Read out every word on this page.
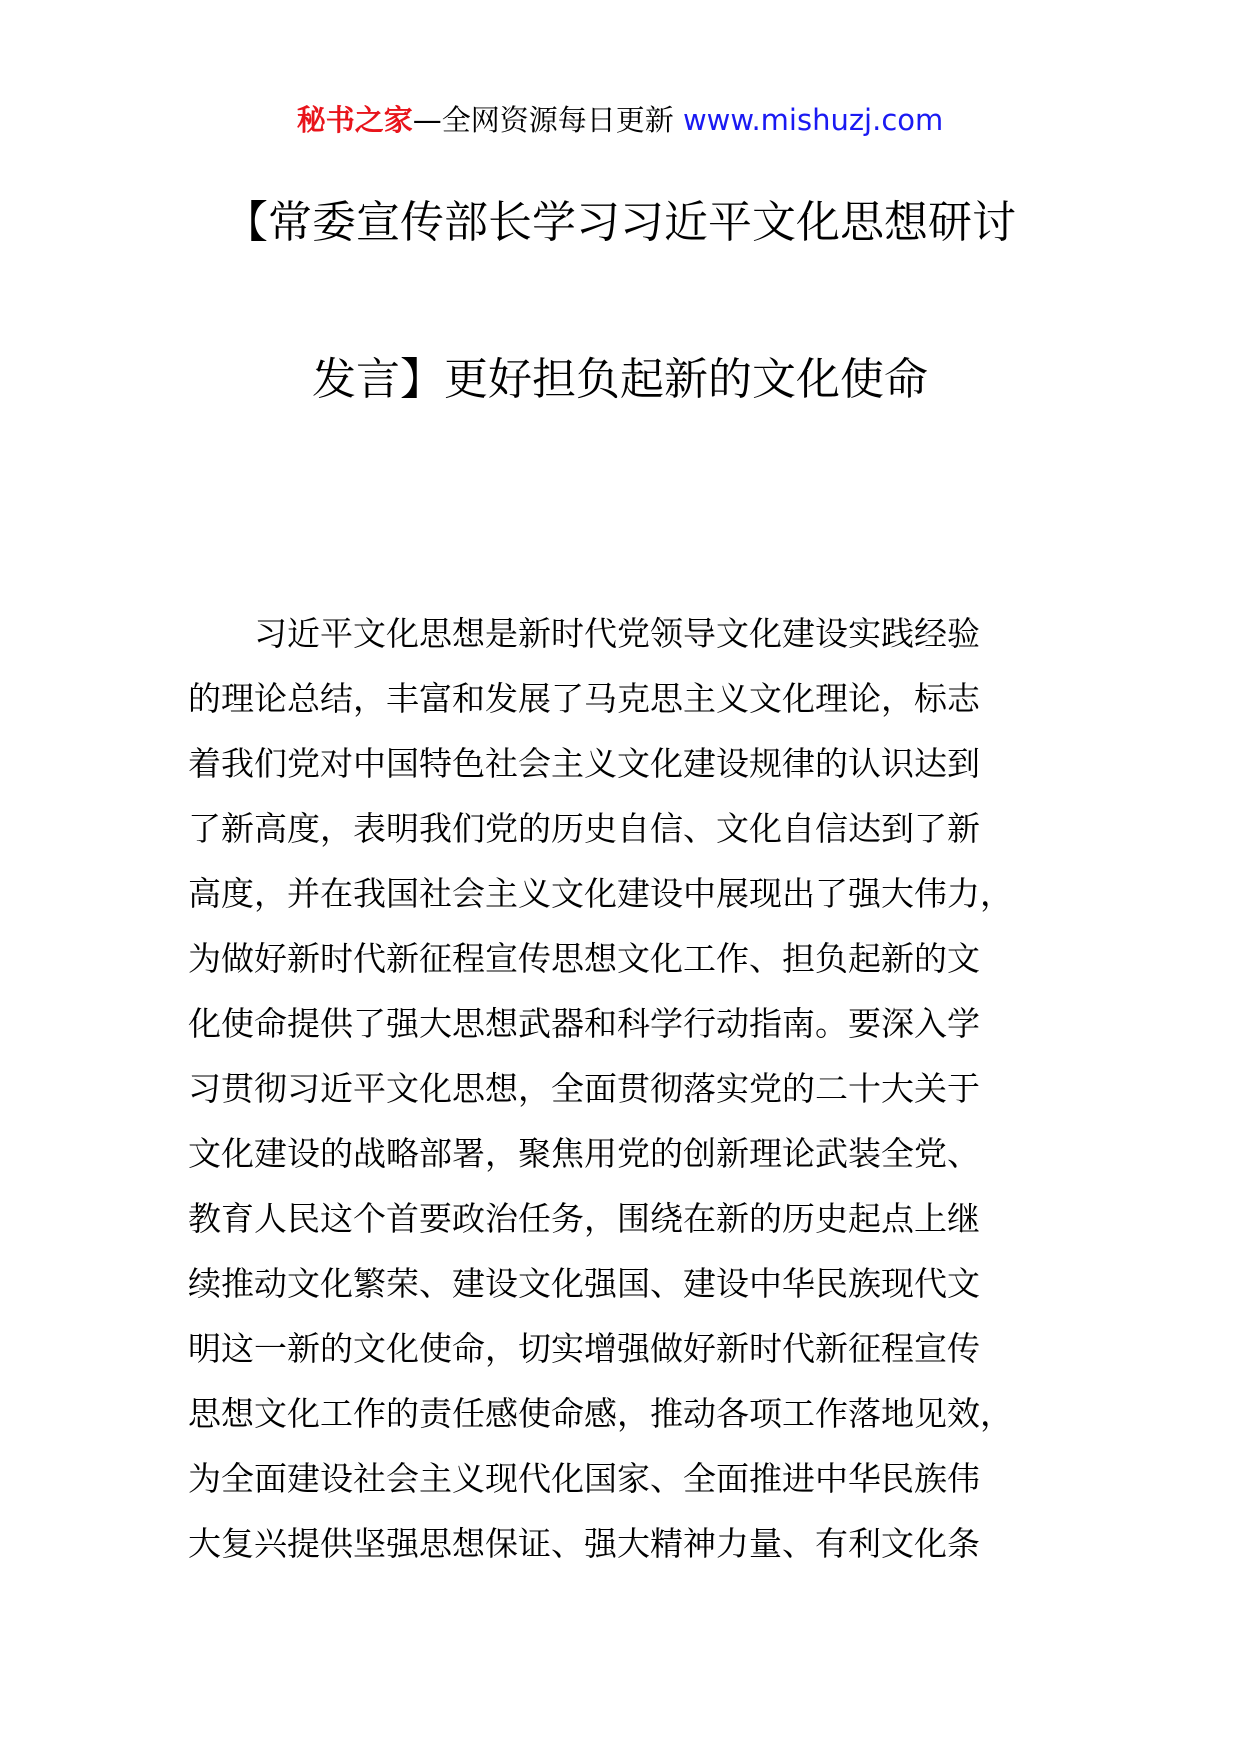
秘书之家—全网资源每日更新 www.mishuzj.com
【常委宣传部长学习习近平文化思想研讨
发言】更好担负起新的文化使命
　　习近平文化思想是新时代党领导文化建设实践经验
的理论总结，丰富和发展了马克思主义文化理论，标志
着我们党对中国特色社会主义文化建设规律的认识达到
了新高度，表明我们党的历史自信、文化自信达到了新
高度，并在我国社会主义文化建设中展现出了强大伟力，
为做好新时代新征程宣传思想文化工作、担负起新的文
化使命提供了强大思想武器和科学行动指南。要深入学
习贯彻习近平文化思想，全面贯彻落实党的二十大关于
文化建设的战略部署，聚焦用党的创新理论武装全党、
教育人民这个首要政治任务，围绕在新的历史起点上继
续推动文化繁荣、建设文化强国、建设中华民族现代文
明这一新的文化使命，切实增强做好新时代新征程宣传
思想文化工作的责任感使命感，推动各项工作落地见效，
为全面建设社会主义现代化国家、全面推进中华民族伟
大复兴提供坚强思想保证、强大精神力量、有利文化条
